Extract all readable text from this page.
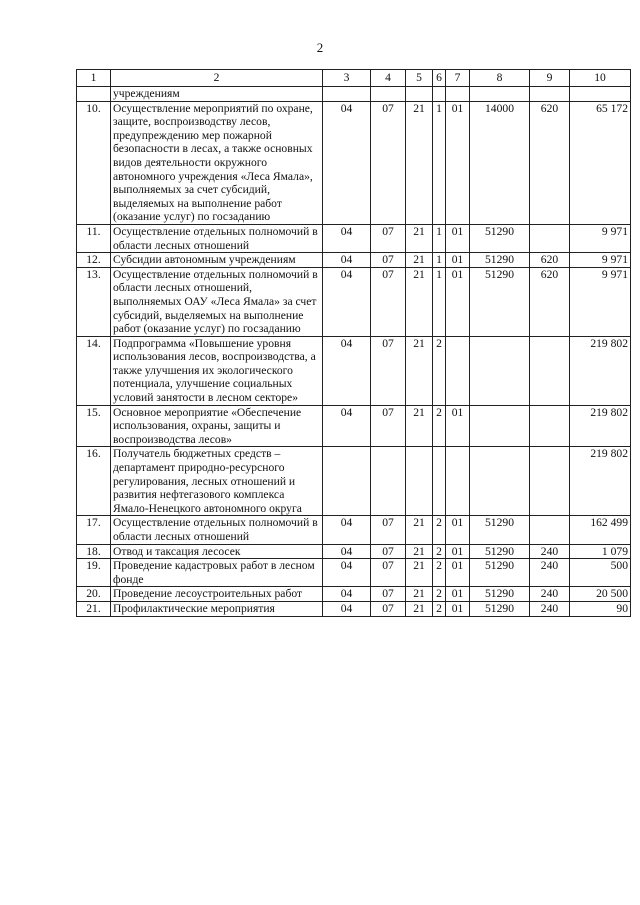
2
1	2	3	4	5	6	7	8	9	10
	учреждениям								
10.	Осуществление мероприятий по охране, защите, воспроизводству лесов, предупреждению мер пожарной безопасности в лесах, а также основных видов деятельности окружного автономного учреждения «Леса Ямала», выполняемых за счет субсидий, выделяемых на выполнение работ (оказание услуг) по госзаданию	04	07	21	1	01	14000	620	65 172
11.	Осуществление отдельных полномочий в области лесных отношений	04	07	21	1	01	51290		9 971
12.	Субсидии автономным учреждениям	04	07	21	1	01	51290	620	9 971
13.	Осуществление отдельных полномочий в области лесных отношений, выполняемых ОАУ «Леса Ямала» за счет субсидий, выделяемых на выполнение работ (оказание услуг) по госзаданию	04	07	21	1	01	51290	620	9 971
14.	Подпрограмма «Повышение уровня использования лесов, воспроизводства, а также улучшения их экологического потенциала, улучшение социальных условий занятости в лесном секторе»	04	07	21	2				219 802
15.	Основное мероприятие «Обеспечение использования, охраны, защиты и воспроизводства лесов»	04	07	21	2	01			219 802
16.	Получатель бюджетных средств – департамент природно-ресурсного регулирования, лесных отношений и развития нефтегазового комплекса Ямало-Ненецкого автономного округа								219 802
17.	Осуществление отдельных полномочий в области лесных отношений	04	07	21	2	01	51290		162 499
18.	Отвод и таксация лесосек	04	07	21	2	01	51290	240	1 079
19.	Проведение кадастровых работ в лесном фонде	04	07	21	2	01	51290	240	500
20.	Проведение лесоустроительных работ	04	07	21	2	01	51290	240	20 500
21.	Профилактические мероприятия	04	07	21	2	01	51290	240	90
